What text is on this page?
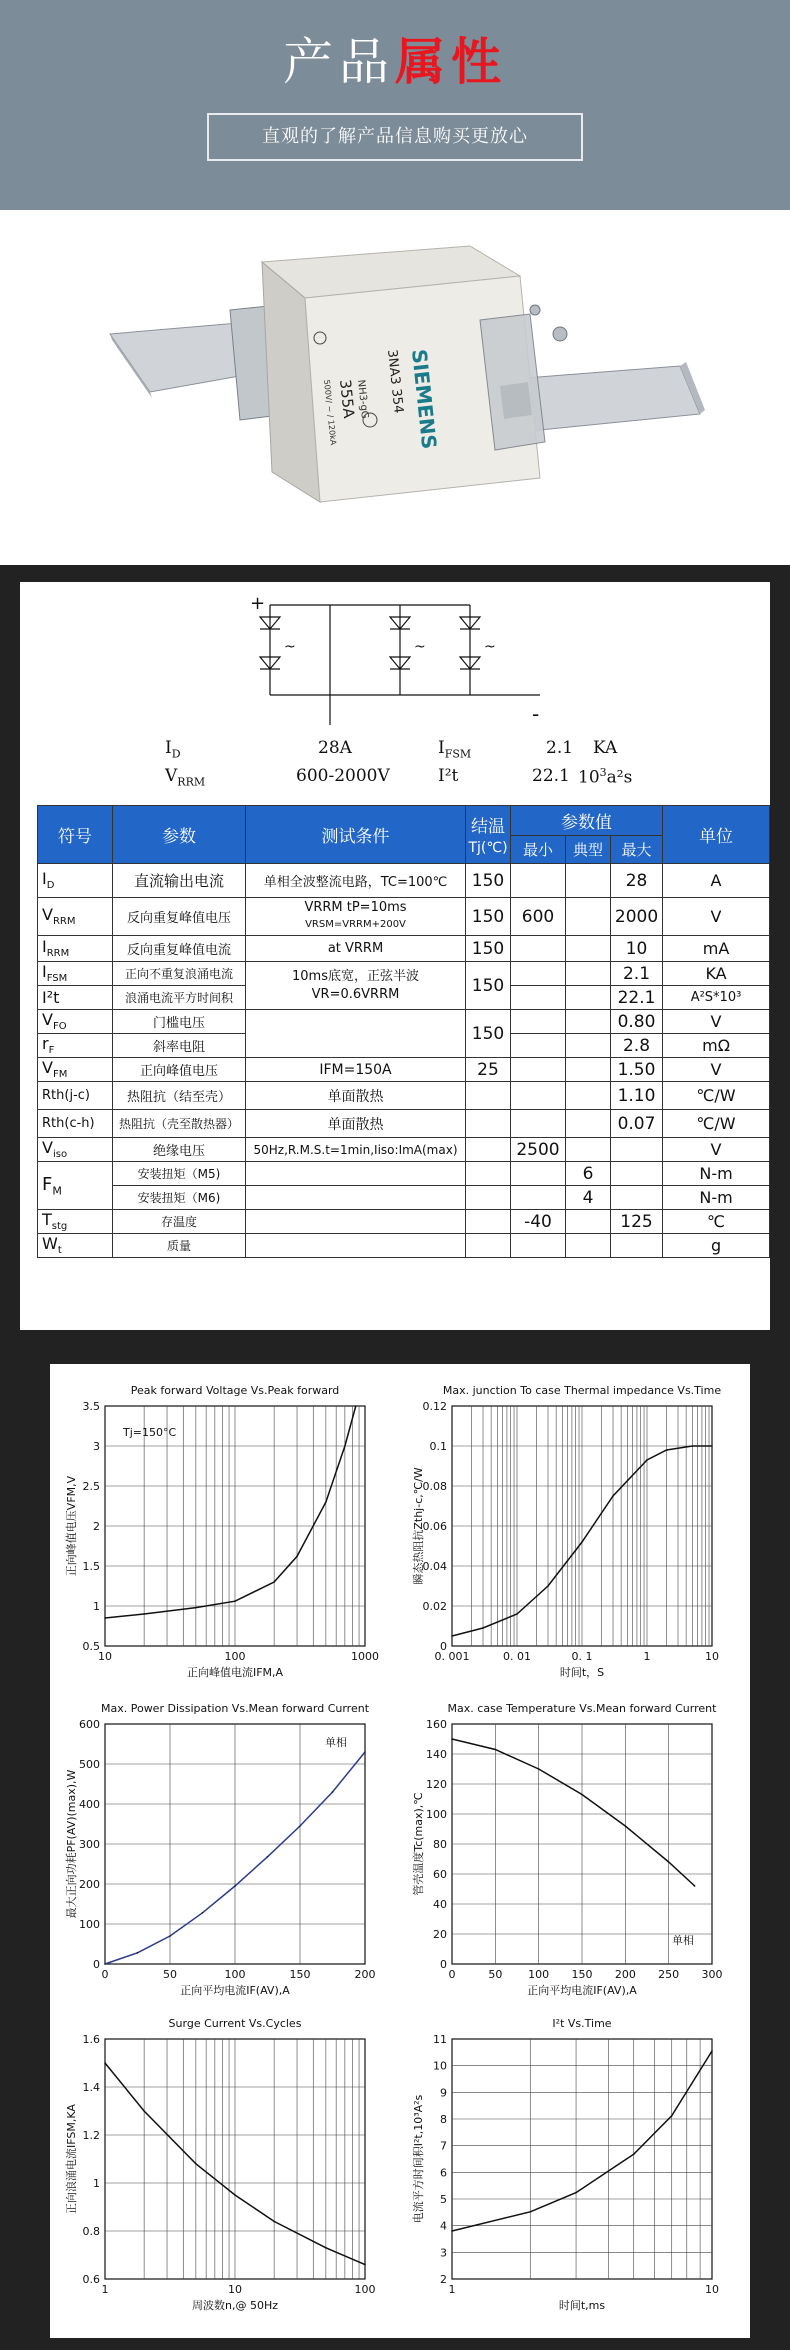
产品属性
直观的了解产品信息购买更放心
SIEMENS
3NA3 354
NH3-gG
355A
500V/ ~ / 120kA
+
-
~	~	~
$I_D$	28A	$I_{FSM}$	2.1 KA
$V_{RRM}$	600-2000V	I²t	22.1 $10^3a^2s$
符号	参数	测试条件	结温
Tj(℃)	参数值			单位
				最小	典型	最大	
$I_D$	直流输出电流	单相全波整流电路，TC=100℃	150			28	A
$V_{RRM}$	反向重复峰值电压	VRRM tP=10ms
VRSM=VRRM+200V	150	600		2000	V
$I_{RRM}$	反向重复峰值电流	at VRRM	150			10	mA
$I_{FSM}$	正向不重复浪涌电流	10ms底宽，正弦半波
VR=0.6VRRM	150			2.1	KA
I²t	浪涌电流平方时间积					22.1	A²S*10³
$V_{FO}$	门槛电压		150			0.80	V
$r_F$	斜率电阻					2.8	mΩ
$V_{FM}$	正向峰值电压	IFM=150A	25			1.50	V
Rth(j-c)	热阻抗（结至壳）	单面散热				1.10	℃/W
Rth(c-h)	热阻抗（壳至散热器）	单面散热				0.07	℃/W
$V_{iso}$	绝缘电压	50Hz,R.M.S.t=1min,Iiso:ImA(max)		2500			V
$F_M$	安装扭矩（M5)				6		N-m
	安装扭矩（M6)				4		N-m
$T_{stg}$	存温度			-40		125	℃
$W_t$	质量						g
Peak forward Voltage Vs.Peak forward
10	100	1000
0.5
1
1.5
2
2.5
3
3.5
正向峰值电流IFM,A
正向峰值电压VFM,V
Tj=150°C
Max. junction To case Thermal impedance Vs.Time
0. 001	0. 01	0. 1	1	10
0
0.02
0.04
0.06
0.08
0.1
0.12
时间t，S
瞬态热阻抗Zthj-c,℃/W
Max. Power Dissipation Vs.Mean forward Current
0	50	100	150	200
0
100
200
300
400
500
600
正向平均电流IF(AV),A
最大正向功耗PF(AV)(max),W
单相
Max. case Temperature Vs.Mean forward Current
0	50 100 150 200 250 300
0
20
40
60
80
100
120
140
160
正向平均电流IF(AV),A
管壳温度Tc(max),℃
单相
Surge Current Vs.Cycles
1	10	100
0.6
0.8
1
1.2
1.4
1.6
周波数n,@ 50Hz
正向浪涌电流IFSM,KA
I²t Vs.Time
1	10
2
3
4
5
6
7
8
9
10
11
时间t,ms
电流平方时间积I²t,10³A²s
